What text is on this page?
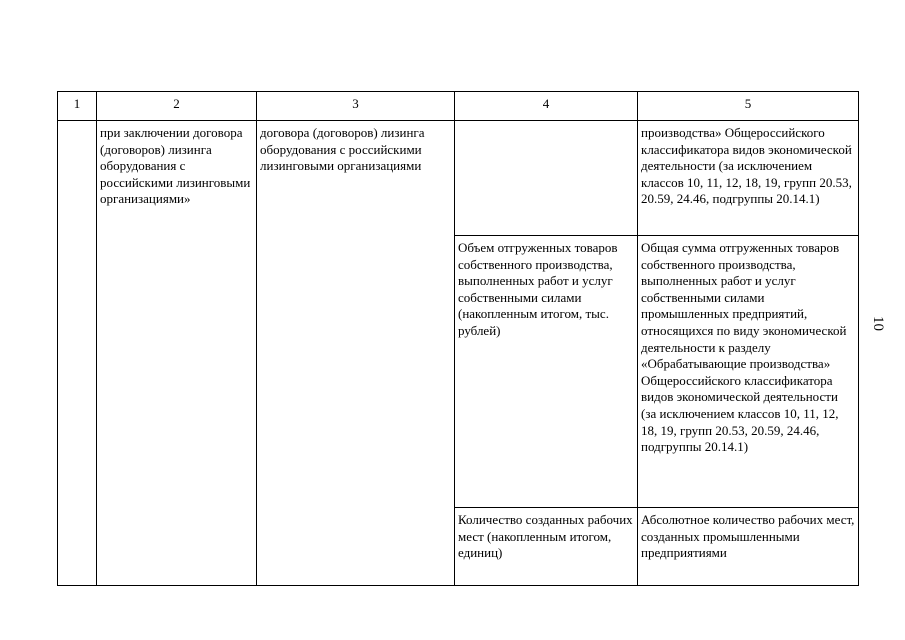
1	2	3	4	5
	при заключении договора (договоров) лизинга оборудования с российскими лизинговыми организациями»	договора (договоров) лизинга оборудования с российскими лизинговыми организациями		производства» Общероссийского классификатора видов экономической деятельности (за исключением классов 10, 11, 12, 18, 19, групп 20.53, 20.59, 24.46, подгруппы 20.14.1)
			Объем отгруженных товаров собственного производства, выполненных работ и услуг собственными силами (накопленным итогом, тыс. рублей)	Общая сумма отгруженных товаров собственного производства, выполненных работ и услуг собственными силами промышленных предприятий, относящихся по виду экономической деятельности к разделу «Обрабатывающие производства» Общероссийского классификатора видов экономической деятельности (за исключением классов 10, 11, 12, 18, 19, групп 20.53, 20.59, 24.46, подгруппы 20.14.1)
			Количество созданных рабочих мест (накопленным итогом, единиц)	Абсолютное количество рабочих мест, созданных промышленными предприятиями
10
